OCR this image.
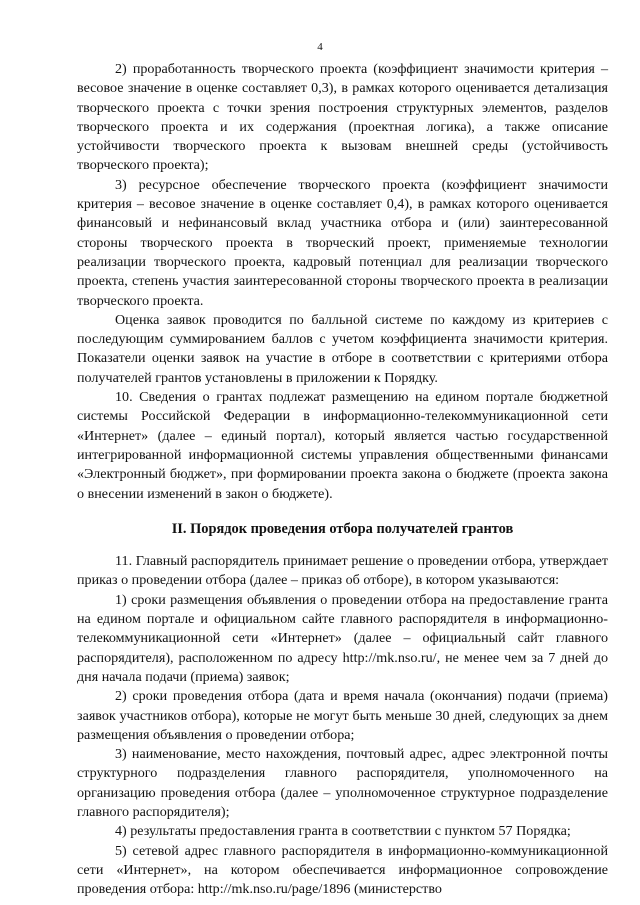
4

2) проработанность творческого проекта (коэффициент значимости критерия – весовое значение в оценке составляет 0,3), в рамках которого оценивается детализация творческого проекта с точки зрения построения структурных элементов, разделов творческого проекта и их содержания (проектная логика), а также описание устойчивости творческого проекта к вызовам внешней среды (устойчивость творческого проекта);

3) ресурсное обеспечение творческого проекта (коэффициент значимости критерия – весовое значение в оценке составляет 0,4), в рамках которого оценивается финансовый и нефинансовый вклад участника отбора и (или) заинтересованной стороны творческого проекта в творческий проект, применяемые технологии реализации творческого проекта, кадровый потенциал для реализации творческого проекта, степень участия заинтересованной стороны творческого проекта в реализации творческого проекта.

Оценка заявок проводится по балльной системе по каждому из критериев с последующим суммированием баллов с учетом коэффициента значимости критерия. Показатели оценки заявок на участие в отборе в соответствии с критериями отбора получателей грантов установлены в приложении к Порядку.

10. Сведения о грантах подлежат размещению на едином портале бюджетной системы Российской Федерации в информационно-телекоммуникационной сети «Интернет» (далее – единый портал), который является частью государственной интегрированной информационной системы управления общественными финансами «Электронный бюджет», при формировании проекта закона о бюджете (проекта закона о внесении изменений в закон о бюджете).

II. Порядок проведения отбора получателей грантов

11. Главный распорядитель принимает решение о проведении отбора, утверждает приказ о проведении отбора (далее – приказ об отборе), в котором указываются:

1) сроки размещения объявления о проведении отбора на предоставление гранта на едином портале и официальном сайте главного распорядителя в информационно-телекоммуникационной сети «Интернет» (далее – официальный сайт главного распорядителя), расположенном по адресу http://mk.nso.ru/, не менее чем за 7 дней до дня начала подачи (приема) заявок;

2) сроки проведения отбора (дата и время начала (окончания) подачи (приема) заявок участников отбора), которые не могут быть меньше 30 дней, следующих за днем размещения объявления о проведении отбора;

3) наименование, место нахождения, почтовый адрес, адрес электронной почты структурного подразделения главного распорядителя, уполномоченного на организацию проведения отбора (далее – уполномоченное структурное подразделение главного распорядителя);

4) результаты предоставления гранта в соответствии с пунктом 57 Порядка;

5) сетевой адрес главного распорядителя в информационно-коммуникационной сети «Интернет», на котором обеспечивается информационное сопровождение проведения отбора: http://mk.nso.ru/page/1896 (министерство
